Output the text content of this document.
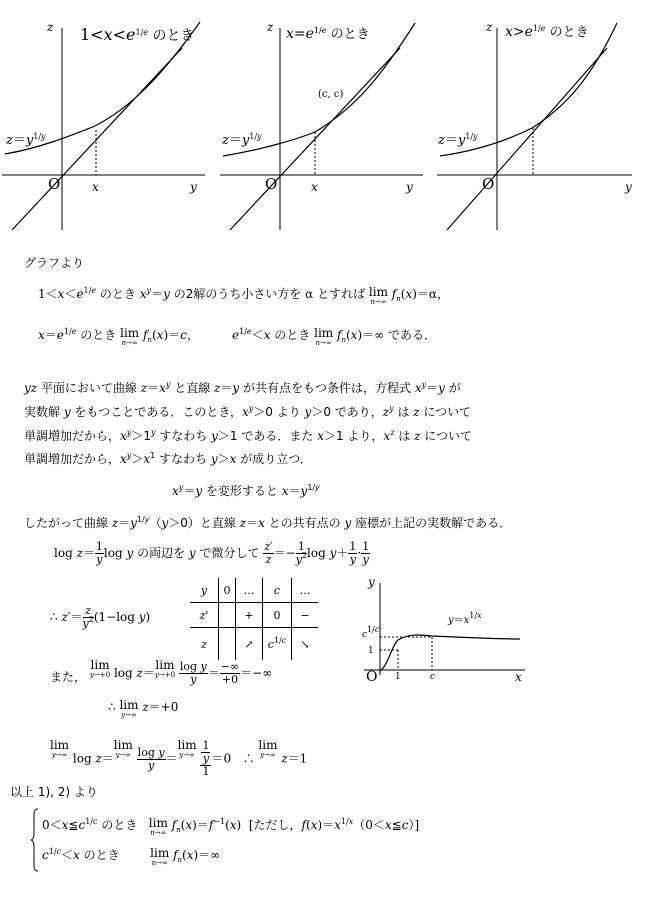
z $1<x<e^{1/e}$ のとき
$z=y^{1/y}$
O	x	y
z $x=e^{1/e}$ のとき
(c, c)
$z=y^{1/y}$
O	x	y
z $x>e^{1/e}$ のとき
$z=y^{1/y}$
O	y
グラフより
$1<x<e^{1/e}$ のとき $x^y=y$ の2解のうち小さい方を α とすれば lim
n→∞
$f_n(x)=\alpha$，
$x=e^{1/e}$ のとき lim
n→∞
$f_n(x)=c$，	$e^{1/e}<x$ のとき lim
n→∞
$f_n(x)=\infty$ である．
yz 平面において曲線 $z=x^y$ と直線 z＝y が共有点をもつ条件は，方程式 $x^y=y$ が
実数解 y をもつことである．このとき，$x^y>0$ より y＞0 であり，$z^y$ は z について
単調増加だから，$x^y>1^y$ すなわち y＞1 である．また x＞1 より，$x^z$ は z について
単調増加だから，$x^y>x^1$ すなわち y＞x が成り立つ．
$x^y=y$ を変形すると $x=y^{1/y}$
したがって曲線 $z=y^{1/y}(y>0)$と直線 z＝x との共有点の y 座標が上記の実数解である．
$\log z= \frac{1}{y}$ log y の両辺を y で微分して $\frac{z'}{z} =- \frac{1}{y^2}$ $\log y+ \frac{1}{y} \cdot \frac{1}{y}$
∴ $z'= \frac{z}{y^2} (1-\log$ y)
y	0	…	c	…
z'		+	0	−
z		↗	$c^{1/c}$	↘
y
$y=x^{1/x}$
$c^{1/c}$
1
O 1	c	x
また，
lim
y→+0 log z＝lim
y→+0
$\frac{\text{log y}}{y} = \frac{-\infty}{+0}$ ＝−∞
∴ lim
y→∞
z＝+0
lim
y→∞ log z＝lim
y→∞
$\frac{\text{log y}}{y} =\lim$
y→∞
$\frac{\frac{1}{y}}{1} =0$   ∴ lim
y→∞ z＝1
以上 1), 2) より
$0<x≦c^{1/c}$ のとき lim
n→∞
$f_n(x)=f^{-1}(x)$  [ただし，$f(x)=x^{1/x}(0<x≦c)$]
$c^{1/c}<x$ のとき	lim
n→∞
$f_n(x)=\infty$
